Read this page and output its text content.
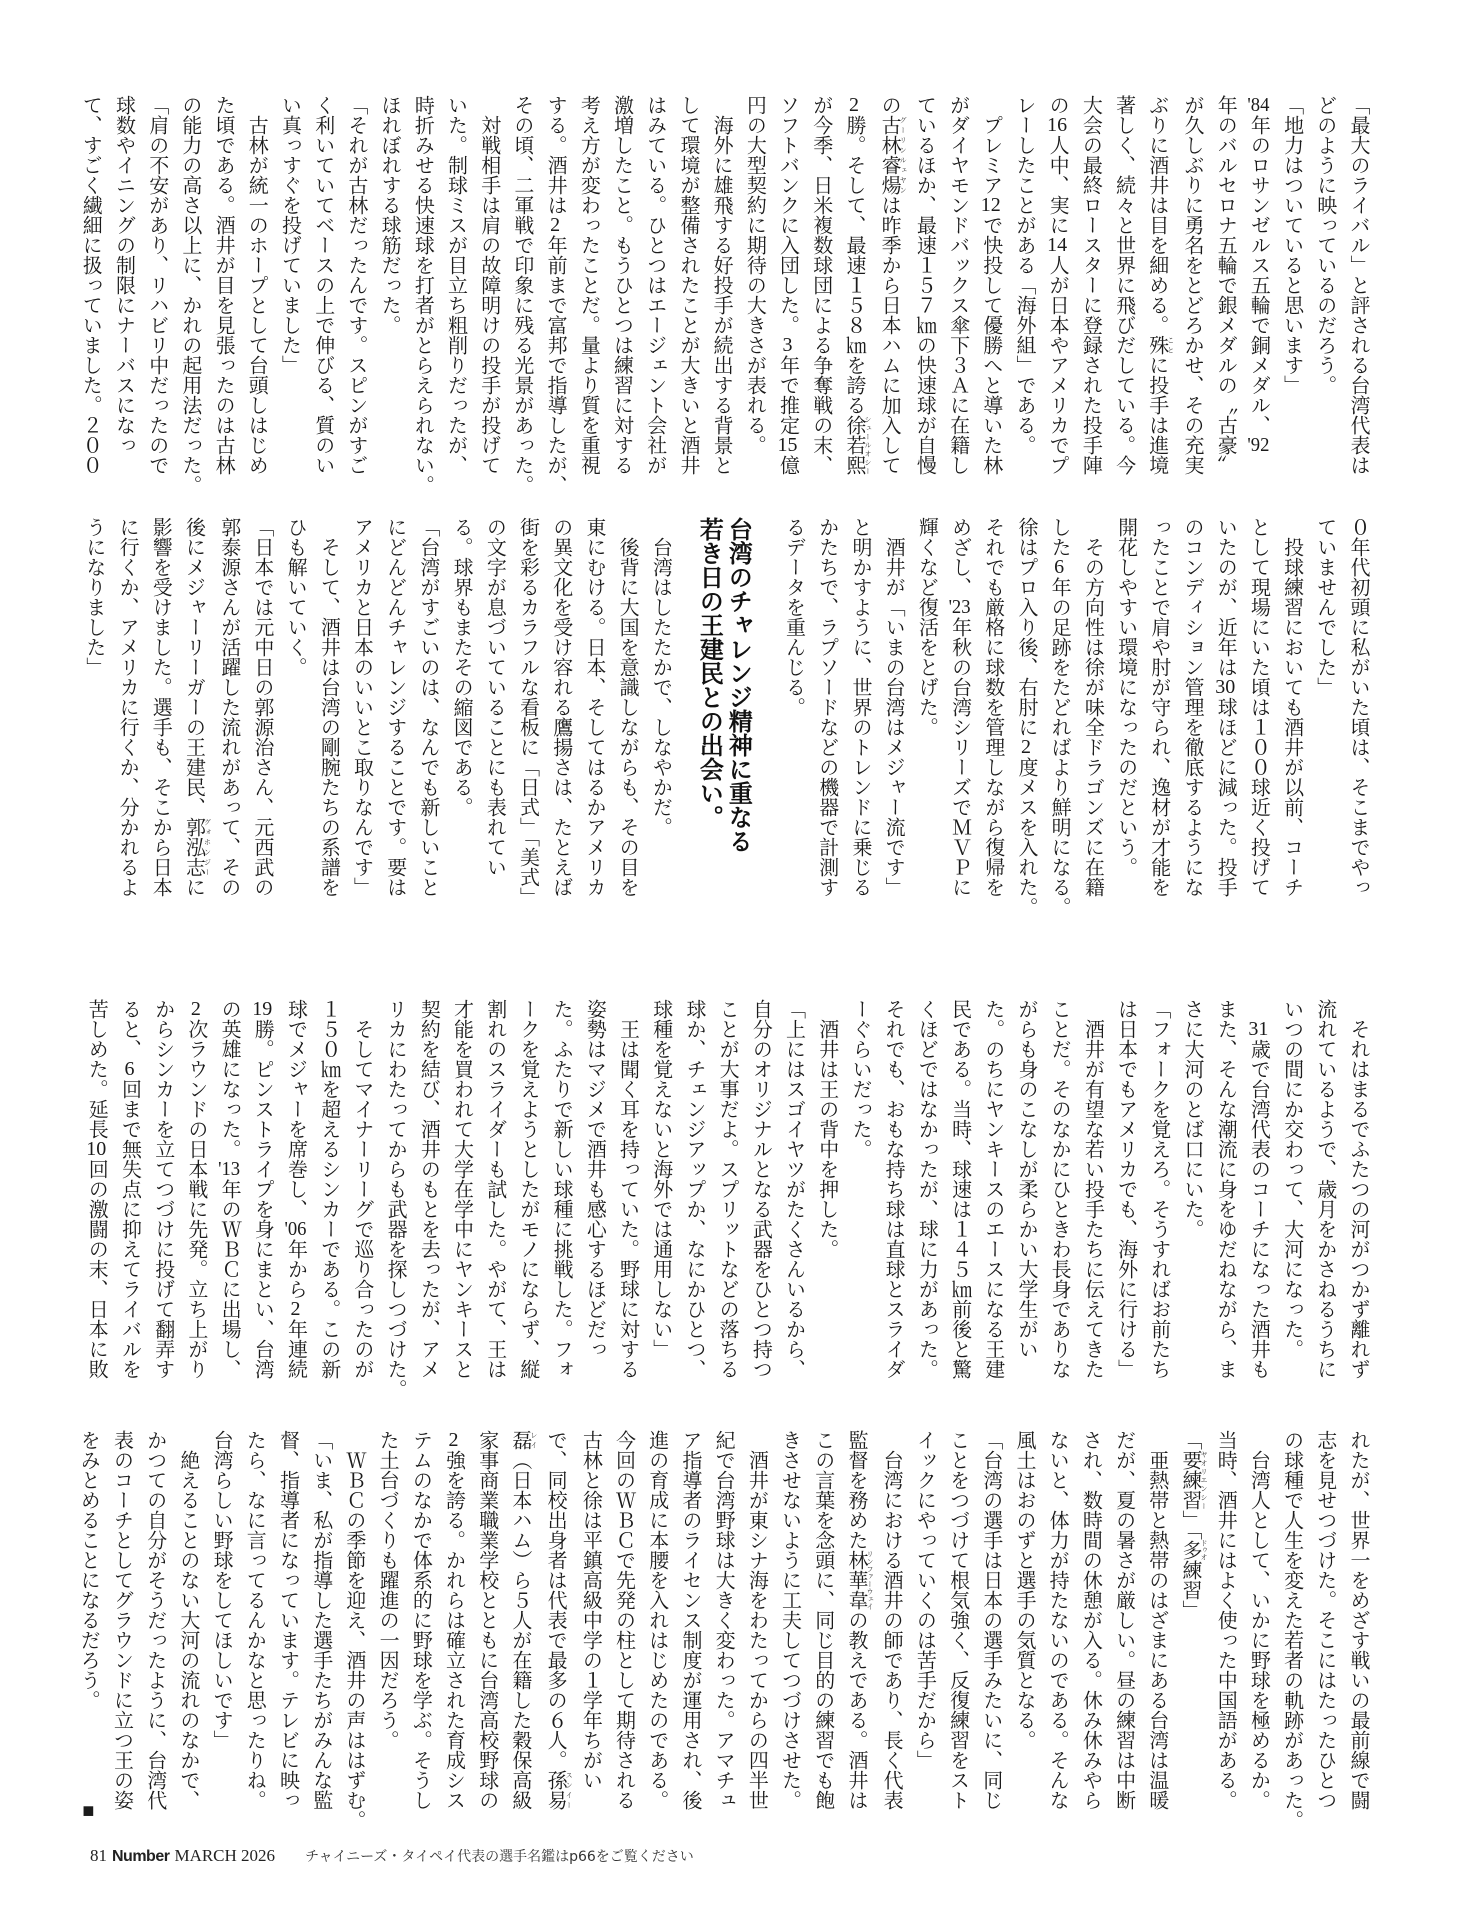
「最大のライバル」と評される台湾代表は
どのように映っているのだろう。
「地力はついていると思います」
'84年のロサンゼルス五輪で銅メダル、'92
年のバルセロナ五輪で銀メダルの〝古豪〟
が久しぶりに勇名をとどろかせ、その充実
ぶりに酒井は目を細める。殊 ことに投手は進境
著しく、続々と世界に飛びだしている。今
大会の最終ロースターに登録された投手陣
の16人中、実に14人が日本やアメリカでプ
レーしたことがある「海外組」である。
　プレミア12で快投して優勝へと導いた林
がダイヤモンドバックス傘下３Ａに在籍し
ているほか、最速１５７㎞の快速球が自慢
の古林睿煬 グーリンルェヤンは昨季から日本ハムに加入して
2勝。そして、最速１５８㎞を誇る徐若熙 シュールオシー
が今季、日米複数球団による争奪戦の末、
ソフトバンクに入団した。3年で推定15億
円の大型契約に期待の大きさが表れる。
　海外に雄飛する好投手が続出する背景と
して環境が整備されたことが大きいと酒井
はみている。ひとつはエージェント会社が
激増したこと。もうひとつは練習に対する
考え方が変わったことだ。量より質を重視
する。酒井は2年前まで富邦で指導したが、
その頃、二軍戦で印象に残る光景があった。
　対戦相手は肩の故障明けの投手が投げて
いた。制球ミスが目立ち粗削りだったが、
時折みせる快速球を打者がとらえられない。
ほれぼれする球筋だった。
「それが古林だったんです。スピンがすご
く利いていてベースの上で伸びる、質のい
い真っすぐを投げていました」
　古林が統一のホープとして台頭しはじめ
た頃である。酒井が目を見張ったのは古林
の能力の高さ以上に、かれの起用法だった。
「肩の不安があり、リハビリ中だったので
球数やイニングの制限にナーバスになっ
て、すごく繊細に扱っていました。２００
０年代初頭に私がいた頃は、そこまでやっ
ていませんでした」
　投球練習においても酒井が以前、コーチ
として現場にいた頃は１００球近く投げて
いたのが、近年は30球ほどに減った。投手
のコンディション管理を徹底するようにな
ったことで肩や肘が守られ、逸材が才能を
開花しやすい環境になったのだという。
　その方向性は徐が味全ドラゴンズに在籍
した6年の足跡をたどればより鮮明になる。
徐はプロ入り後、右肘に2度メスを入れた。
それでも厳格に球数を管理しながら復帰を
めざし、'23年秋の台湾シリーズでＭＶＰに
輝くなど復活をとげた。
　酒井が「いまの台湾はメジャー流です」
と明かすように、世界のトレンドに乗じる
かたちで、ラプソードなどの機器で計測す
るデータを重んじる。
台湾のチャレンジ精神に重なる
若き日の王建民との出会い。
　台湾はしたたかで、しなやかだ。
　後背に大国を意識しながらも、その目を
東にむける。日本、そしてはるかアメリカ
の異文化を受け容れる鷹揚さは、たとえば
街を彩るカラフルな看板に「日式」「美式」
の文字が息づいていることにも表れてい
る。球界もまたその縮図である。
「台湾がすごいのは、なんでも新しいこと
にどんどんチャレンジすることです。要は
アメリカと日本のいいとこ取りなんです」
　そして、酒井は台湾の剛腕たちの系譜を
ひも解いていく。
「日本では元中日の郭源治さん、元西武の
郭泰源さんが活躍した流れがあって、その
後にメジャーリーガーの王建民、郭泓志 グォホンジーに
影響を受けました。選手も、そこから日本
に行くか、アメリカに行くか、分かれるよ
うになりました」
　それはまるでふたつの河がつかず離れず
流れているようで、歳月をかさねるうちに
いつの間にか交わって、大河になった。
　31歳で台湾代表のコーチになった酒井も
また、そんな潮流に身をゆだねながら、ま
さに大河のとば口にいた。
「フォークを覚えろ。そうすればお前たち
は日本でもアメリカでも、海外に行ける」
　酒井が有望な若い投手たちに伝えてきた
ことだ。そのなかにひときわ長身でありな
がらも身のこなしが柔らかい大学生がい
た。のちにヤンキースのエースになる王建
民である。当時、球速は１４５㎞前後と驚
くほどではなかったが、球に力があった。
それでも、おもな持ち球は直球とスライダ
ーぐらいだった。
　酒井は王の背中を押した。
「上にはスゴイヤツがたくさんいるから、
自分のオリジナルとなる武器をひとつ持つ
ことが大事だよ。スプリットなどの落ちる
球か、チェンジアップか、なにかひとつ、
球種を覚えないと海外では通用しない」
　王は聞く耳を持っていた。野球に対する
姿勢はマジメで酒井も感心するほどだっ
た。ふたりで新しい球種に挑戦した。フォ
ークを覚えようとしたがモノにならず、縦
割れのスライダーも試した。やがて、王は
才能を買われて大学在学中にヤンキースと
契約を結び、酒井のもとを去ったが、アメ
リカにわたってからも武器を探しつづけた。
　そしてマイナーリーグで巡り合ったのが
１５０㎞を超えるシンカーである。この新
球でメジャーを席巻し、'06年から2年連続
19勝。ピンストライプを身にまとい、台湾
の英雄になった。'13年のＷＢＣに出場し、
2次ラウンドの日本戦に先発。立ち上がり
からシンカーを立てつづけに投げて翻弄す
ると、6回まで無失点に抑えてライバルを
苦しめた。延長10回の激闘の末、日本に敗
れたが、世界一をめざす戦いの最前線で闘
志を見せつづけた。そこにはたったひとつ
の球種で人生を変えた若者の軌跡があった。
　台湾人として、いかに野球を極めるか。
当時、酒井にはよく使った中国語がある。
「要練習 ヤオリエンシー」「多 ドゥオ練習」
　亜熱帯と熱帯のはざまにある台湾は温暖
だが、夏の暑さが厳しい。昼の練習は中断
され、数時間の休憩が入る。休み休みやら
ないと、体力が持たないのである。そんな
風土はおのずと選手の気質となる。
「台湾の選手は日本の選手みたいに、同じ
ことをつづけて根気強く、反復練習をスト
イックにやっていくのは苦手だから」
　台湾における酒井の師であり、長く代表
監督を務めた林華韋 リンファーウェイの教えである。酒井は
この言葉を念頭に、同じ目的の練習でも飽
きさせないように工夫してつづけさせた。
　酒井が東シナ海をわたってからの四半世
紀で台湾野球は大きく変わった。アマチュ
ア指導者のライセンス制度が運用され、後
進の育成に本腰を入れはじめたのである。
今回のＷＢＣで先発の柱として期待される
古林と徐は平鎮高級中学の１学年ちがい
で、同校出身者は代表で最多の６人。孫易 スンイー
磊 レイ（日本ハム）ら５人が在籍した穀保高級
家事商業職業学校とともに台湾高校野球の
2強を誇る。かれらは確立された育成シス
テムのなかで体系的に野球を学ぶ。そうし
た土台づくりも躍進の一因だろう。
　ＷＢＣの季節を迎え、酒井の声ははずむ。
「いま、私が指導した選手たちがみんな監
督、指導者になっています。テレビに映っ
たら、なに言ってるんかなと思ったりね。
台湾らしい野球をしてほしいです」
　絶えることのない大河の流れのなかで、
かつての自分がそうだったように、台湾代
表のコーチとしてグラウンドに立つ王の姿
をみとめることになるだろう。　　　　　■
81 Number MARCH 2026 チャイニーズ・タイペイ代表の選手名鑑はp66をご覧ください
